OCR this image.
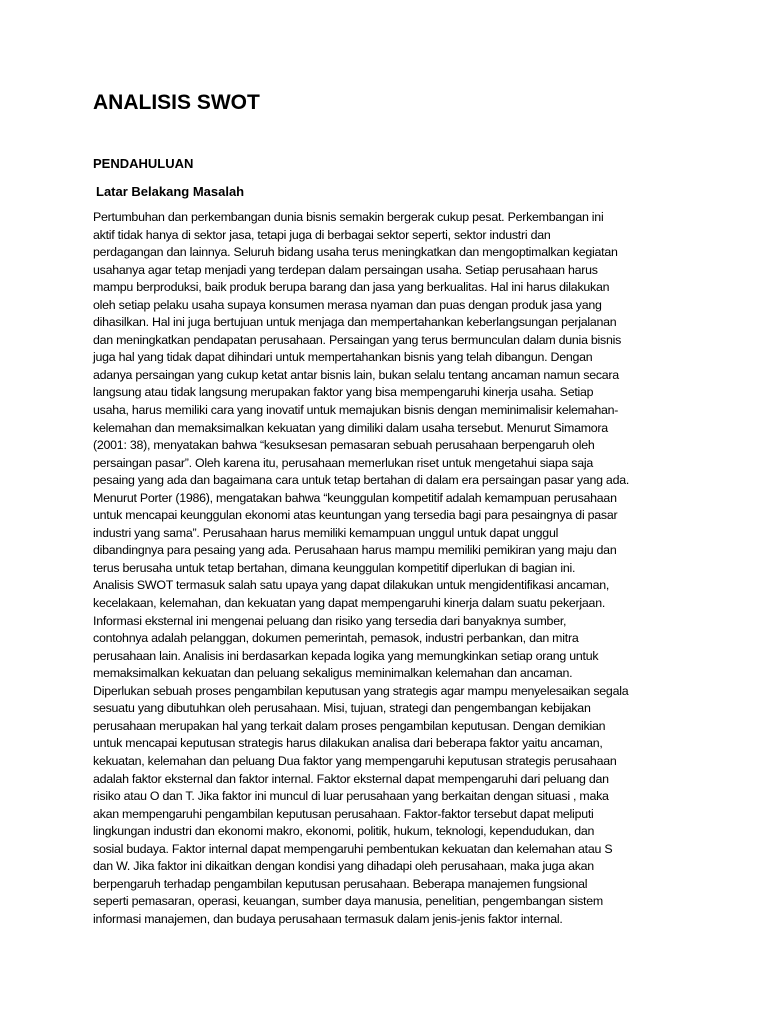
ANALISIS SWOT
PENDAHULUAN
Latar Belakang Masalah

Pertumbuhan dan perkembangan dunia bisnis semakin bergerak cukup pesat. Perkembangan ini
aktif tidak hanya di sektor jasa, tetapi juga di berbagai sektor seperti, sektor industri dan
perdagangan dan lainnya. Seluruh bidang usaha terus meningkatkan dan mengoptimalkan kegiatan
usahanya agar tetap menjadi yang terdepan dalam persaingan usaha. Setiap perusahaan harus
mampu berproduksi, baik produk berupa barang dan jasa yang berkualitas. Hal ini harus dilakukan
oleh setiap pelaku usaha supaya konsumen merasa nyaman dan puas dengan produk jasa yang
dihasilkan. Hal ini juga bertujuan untuk menjaga dan mempertahankan keberlangsungan perjalanan
dan meningkatkan pendapatan perusahaan. Persaingan yang terus bermunculan dalam dunia bisnis
juga hal yang tidak dapat dihindari untuk mempertahankan bisnis yang telah dibangun. Dengan
adanya persaingan yang cukup ketat antar bisnis lain, bukan selalu tentang ancaman namun secara
langsung atau tidak langsung merupakan faktor yang bisa mempengaruhi kinerja usaha. Setiap
usaha, harus memiliki cara yang inovatif untuk memajukan bisnis dengan meminimalisir kelemahan-
kelemahan dan memaksimalkan kekuatan yang dimiliki dalam usaha tersebut. Menurut Simamora
(2001: 38), menyatakan bahwa “kesuksesan pemasaran sebuah perusahaan berpengaruh oleh
persaingan pasar”. Oleh karena itu, perusahaan memerlukan riset untuk mengetahui siapa saja
pesaing yang ada dan bagaimana cara untuk tetap bertahan di dalam era persaingan pasar yang ada.
Menurut Porter (1986), mengatakan bahwa “keunggulan kompetitif adalah kemampuan perusahaan
untuk mencapai keunggulan ekonomi atas keuntungan yang tersedia bagi para pesaingnya di pasar
industri yang sama”. Perusahaan harus memiliki kemampuan unggul untuk dapat unggul
dibandingnya para pesaing yang ada. Perusahaan harus mampu memiliki pemikiran yang maju dan
terus berusaha untuk tetap bertahan, dimana keunggulan kompetitif diperlukan di bagian ini.
Analisis SWOT termasuk salah satu upaya yang dapat dilakukan untuk mengidentifikasi ancaman,
kecelakaan, kelemahan, dan kekuatan yang dapat mempengaruhi kinerja dalam suatu pekerjaan.
Informasi eksternal ini mengenai peluang dan risiko yang tersedia dari banyaknya sumber,
contohnya adalah pelanggan, dokumen pemerintah, pemasok, industri perbankan, dan mitra
perusahaan lain. Analisis ini berdasarkan kepada logika yang memungkinkan setiap orang untuk
memaksimalkan kekuatan dan peluang sekaligus meminimalkan kelemahan dan ancaman.
Diperlukan sebuah proses pengambilan keputusan yang strategis agar mampu menyelesaikan segala
sesuatu yang dibutuhkan oleh perusahaan. Misi, tujuan, strategi dan pengembangan kebijakan
perusahaan merupakan hal yang terkait dalam proses pengambilan keputusan. Dengan demikian
untuk mencapai keputusan strategis harus dilakukan analisa dari beberapa faktor yaitu ancaman,
kekuatan, kelemahan dan peluang Dua faktor yang mempengaruhi keputusan strategis perusahaan
adalah faktor eksternal dan faktor internal. Faktor eksternal dapat mempengaruhi dari peluang dan
risiko atau O dan T. Jika faktor ini muncul di luar perusahaan yang berkaitan dengan situasi , maka
akan mempengaruhi pengambilan keputusan perusahaan. Faktor-faktor tersebut dapat meliputi
lingkungan industri dan ekonomi makro, ekonomi, politik, hukum, teknologi, kependudukan, dan
sosial budaya. Faktor internal dapat mempengaruhi pembentukan kekuatan dan kelemahan atau S
dan W. Jika faktor ini dikaitkan dengan kondisi yang dihadapi oleh perusahaan, maka juga akan
berpengaruh terhadap pengambilan keputusan perusahaan. Beberapa manajemen fungsional
seperti pemasaran, operasi, keuangan, sumber daya manusia, penelitian, pengembangan sistem
informasi manajemen, dan budaya perusahaan termasuk dalam jenis-jenis faktor internal.
